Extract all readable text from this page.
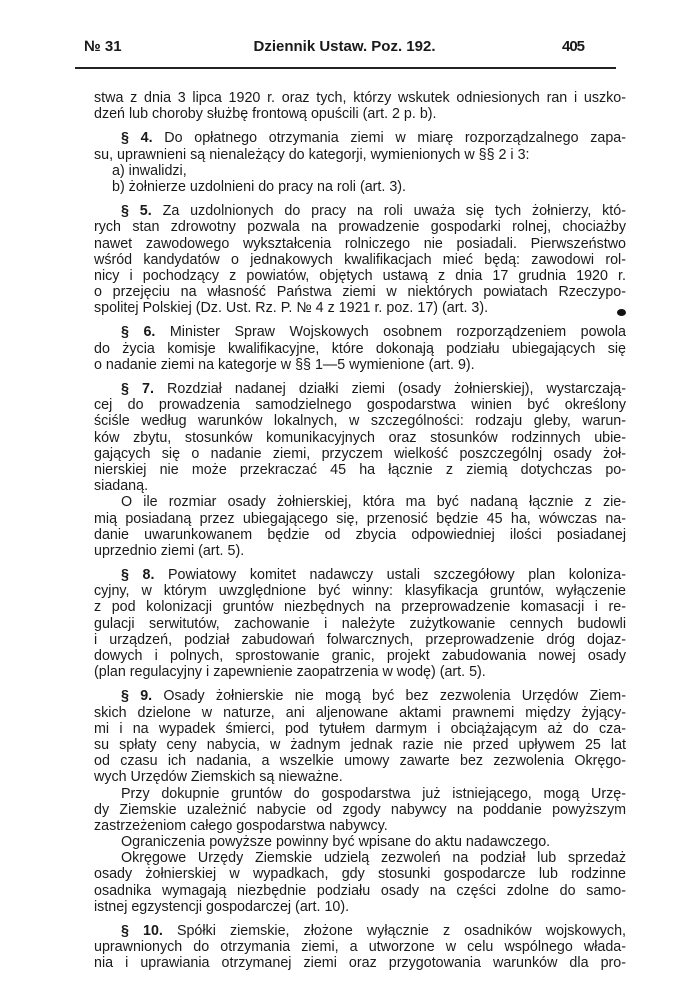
№ 31	Dziennik Ustaw. Poz. 192.	405
stwa z dnia 3 lipca 1920 r. oraz tych, którzy wskutek odniesionych ran i uszko-
dzeń lub choroby służbę frontową opuścili (art. 2 p. b).
§ 4. Do opłatnego otrzymania ziemi w miarę rozporządzalnego zapa-
su, uprawnieni są nienależący do kategorji, wymienionych w §§ 2 i 3:
a) inwalidzi,
b) żołnierze uzdolnieni do pracy na roli (art. 3).
§ 5. Za uzdolnionych do pracy na roli uważa się tych żołnierzy, któ-
rych stan zdrowotny pozwala na prowadzenie gospodarki rolnej, chociażby
nawet zawodowego wykształcenia rolniczego nie posiadali. Pierwszeństwo
wśród kandydatów o jednakowych kwalifikacjach mieć będą: zawodowi rol-
nicy i pochodzący z powiatów, objętych ustawą z dnia 17 grudnia 1920 r.
o przejęciu na własność Państwa ziemi w niektórych powiatach Rzeczypo-
spolitej Polskiej (Dz. Ust. Rz. P. № 4 z 1921 r. poz. 17) (art. 3).
§ 6. Minister Spraw Wojskowych osobnem rozporządzeniem powola
do życia komisje kwalifikacyjne, które dokonają podziału ubiegających się
o nadanie ziemi na kategorje w §§ 1—5 wymienione (art. 9).
§ 7. Rozdział nadanej działki ziemi (osady żołnierskiej), wystarczają-
cej do prowadzenia samodzielnego gospodarstwa winien być określony
ściśle według warunków lokalnych, w szczególności: rodzaju gleby, warun-
ków zbytu, stosunków komunikacyjnych oraz stosunków rodzinnych ubie-
gających się o nadanie ziemi, przyczem wielkość poszczególnj osady żoł-
nierskiej nie może przekraczać 45 ha łącznie z ziemią dotychczas po-
siadaną.
O ile rozmiar osady żołnierskiej, która ma być nadaną łącznie z zie-
mią posiadaną przez ubiegającego się, przenosić będzie 45 ha, wówczas na-
danie uwarunkowanem będzie od zbycia odpowiedniej ilości posiadanej
uprzednio ziemi (art. 5).
§ 8. Powiatowy komitet nadawczy ustali szczegółowy plan koloniza-
cyjny, w którym uwzględnione być winny: klasyfikacja gruntów, wyłączenie
z pod kolonizacji gruntów niezbędnych na przeprowadzenie komasacji i re-
gulacji serwitutów, zachowanie i należyte zużytkowanie cennych budowli
i urządzeń, podział zabudowań folwarcznych, przeprowadzenie dróg dojaz-
dowych i polnych, sprostowanie granic, projekt zabudowania nowej osady
(plan regulacyjny i zapewnienie zaopatrzenia w wodę) (art. 5).
§ 9. Osady żołnierskie nie mogą być bez zezwolenia Urzędów Ziem-
skich dzielone w naturze, ani aljenowane aktami prawnemi między żyjący-
mi i na wypadek śmierci, pod tytułem darmym i obciążającym aż do cza-
su spłaty ceny nabycia, w żadnym jednak razie nie przed upływem 25 lat
od czasu ich nadania, a wszelkie umowy zawarte bez zezwolenia Okręgo-
wych Urzędów Ziemskich są nieważne.
Przy dokupnie gruntów do gospodarstwa już istniejącego, mogą Urzę-
dy Ziemskie uzależnić nabycie od zgody nabywcy na poddanie powyższym
zastrzeżeniom całego gospodarstwa nabywcy.
Ograniczenia powyższe powinny być wpisane do aktu nadawczego.
Okręgowe Urzędy Ziemskie udzielą zezwoleń na podział lub sprzedaż
osady żołnierskiej w wypadkach, gdy stosunki gospodarcze lub rodzinne
osadnika wymagają niezbędnie podziału osady na części zdolne do samo-
istnej egzystencji gospodarczej (art. 10).
§ 10. Spółki ziemskie, złożone wyłącznie z osadników wojskowych,
uprawnionych do otrzymania ziemi, a utworzone w celu wspólnego włada-
nia i uprawiania otrzymanej ziemi oraz przygotowania warunków dla pro-
